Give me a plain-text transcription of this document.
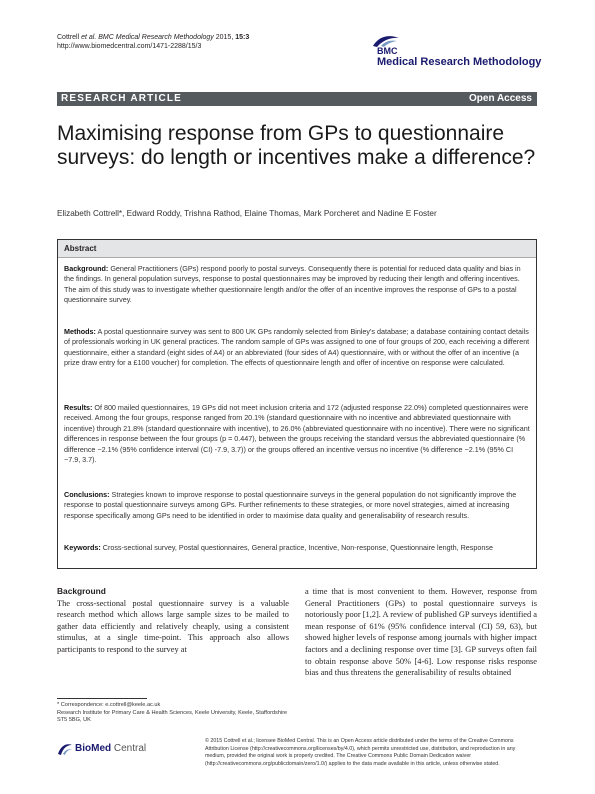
Cottrell et al. BMC Medical Research Methodology 2015, 15:3
http://www.biomedcentral.com/1471-2288/15/3	BMC
Medical Research Methodology
RESEARCH ARTICLE	Open Access
Maximising response from GPs to questionnaire surveys: do length or incentives make a difference?
Elizabeth Cottrell*, Edward Roddy, Trishna Rathod, Elaine Thomas, Mark Porcheret and Nadine E Foster
Abstract
Background: General Practitioners (GPs) respond poorly to postal surveys. Consequently there is potential for reduced data quality and bias in the findings. In general population surveys, response to postal questionnaires may be improved by reducing their length and offering incentives. The aim of this study was to investigate whether questionnaire length and/or the offer of an incentive improves the response of GPs to a postal questionnaire survey.
Methods: A postal questionnaire survey was sent to 800 UK GPs randomly selected from Binley's database; a database containing contact details of professionals working in UK general practices. The random sample of GPs was assigned to one of four groups of 200, each receiving a different questionnaire, either a standard (eight sides of A4) or an abbreviated (four sides of A4) questionnaire, with or without the offer of an incentive (a prize draw entry for a £100 voucher) for completion. The effects of questionnaire length and offer of incentive on response were calculated.
Results: Of 800 mailed questionnaires, 19 GPs did not meet inclusion criteria and 172 (adjusted response 22.0%) completed questionnaires were received. Among the four groups, response ranged from 20.1% (standard questionnaire with no incentive and abbreviated questionnaire with incentive) through 21.8% (standard questionnaire with incentive), to 26.0% (abbreviated questionnaire with no incentive). There were no significant differences in response between the four groups (p = 0.447), between the groups receiving the standard versus the abbreviated questionnaire (% difference −2.1% (95% confidence interval (CI) -7.9, 3.7)) or the groups offered an incentive versus no incentive (% difference −2.1% (95% CI −7.9, 3.7).
Conclusions: Strategies known to improve response to postal questionnaire surveys in the general population do not significantly improve the response to postal questionnaire surveys among GPs. Further refinements to these strategies, or more novel strategies, aimed at increasing response specifically among GPs need to be identified in order to maximise data quality and generalisability of research results.
Keywords: Cross-sectional survey, Postal questionnaires, General practice, Incentive, Non-response, Questionnaire length, Response
Background
The cross-sectional postal questionnaire survey is a valuable research method which allows large sample sizes to be mailed to gather data efficiently and relatively cheaply, using a consistent stimulus, at a single time-point. This approach also allows participants to respond to the survey at
a time that is most convenient to them. However, response from General Practitioners (GPs) to postal questionnaire surveys is notoriously poor [1,2]. A review of published GP surveys identified a mean response of 61% (95% confidence interval (CI) 59, 63), but showed higher levels of response among journals with higher impact factors and a declining response over time [3]. GP surveys often fail to obtain response above 50% [4-6]. Low response risks response bias and thus threatens the generalisability of results obtained
* Correspondence: e.cottrell@keele.ac.uk
Research Institute for Primary Care & Health Sciences, Keele University, Keele, Staffordshire ST5 5BG, UK
BioMed Central
© 2015 Cottrell et al.; licensee BioMed Central. This is an Open Access article distributed under the terms of the Creative Commons Attribution License (http://creativecommons.org/licenses/by/4.0), which permits unrestricted use, distribution, and reproduction in any medium, provided the original work is properly credited. The Creative Commons Public Domain Dedication waiver (http://creativecommons.org/publicdomain/zero/1.0/) applies to the data made available in this article, unless otherwise stated.
